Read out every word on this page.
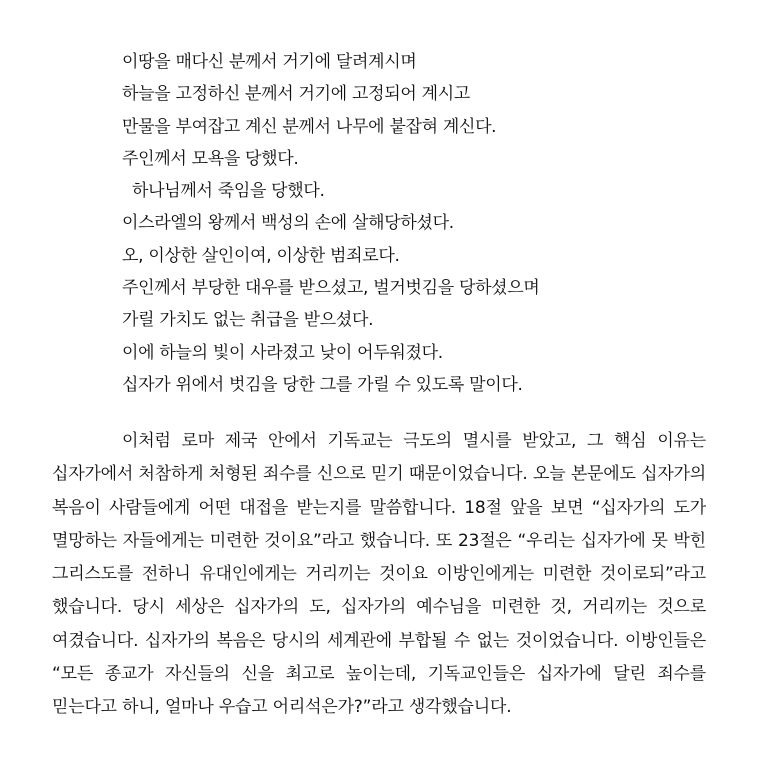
이땅을 매다신 분께서 거기에 달려계시며
하늘을 고정하신 분께서 거기에 고정되어 계시고
만물을 부여잡고 계신 분께서 나무에 붙잡혀 계신다.
주인께서 모욕을 당했다.
하나님께서 죽임을 당했다.
이스라엘의 왕께서 백성의 손에 살해당하셨다.
오, 이상한 살인이여, 이상한 범죄로다.
주인께서 부당한 대우를 받으셨고, 벌거벗김을 당하셨으며
가릴 가치도 없는 취급을 받으셨다.
이에 하늘의 빛이 사라졌고 낮이 어두워졌다.
십자가 위에서 벗김을 당한 그를 가릴 수 있도록 말이다.

이처럼 로마 제국 안에서 기독교는 극도의 멸시를 받았고, 그 핵심 이유는 십자가에서 처참하게 처형된 죄수를 신으로 믿기 때문이었습니다. 오늘 본문에도 십자가의 복음이 사람들에게 어떤 대접을 받는지를 말씀합니다. 18절 앞을 보면 “십자가의 도가 멸망하는 자들에게는 미련한 것이요”라고 했습니다. 또 23절은 “우리는 십자가에 못 박힌 그리스도를 전하니 유대인에게는 거리끼는 것이요 이방인에게는 미련한 것이로되”라고 했습니다. 당시 세상은 십자가의 도, 십자가의 예수님을 미련한 것, 거리끼는 것으로 여겼습니다. 십자가의 복음은 당시의 세계관에 부합될 수 없는 것이었습니다. 이방인들은 “모든 종교가 자신들의 신을 최고로 높이는데, 기독교인들은 십자가에 달린 죄수를 믿는다고 하니, 얼마나 우습고 어리석은가?”라고 생각했습니다.
